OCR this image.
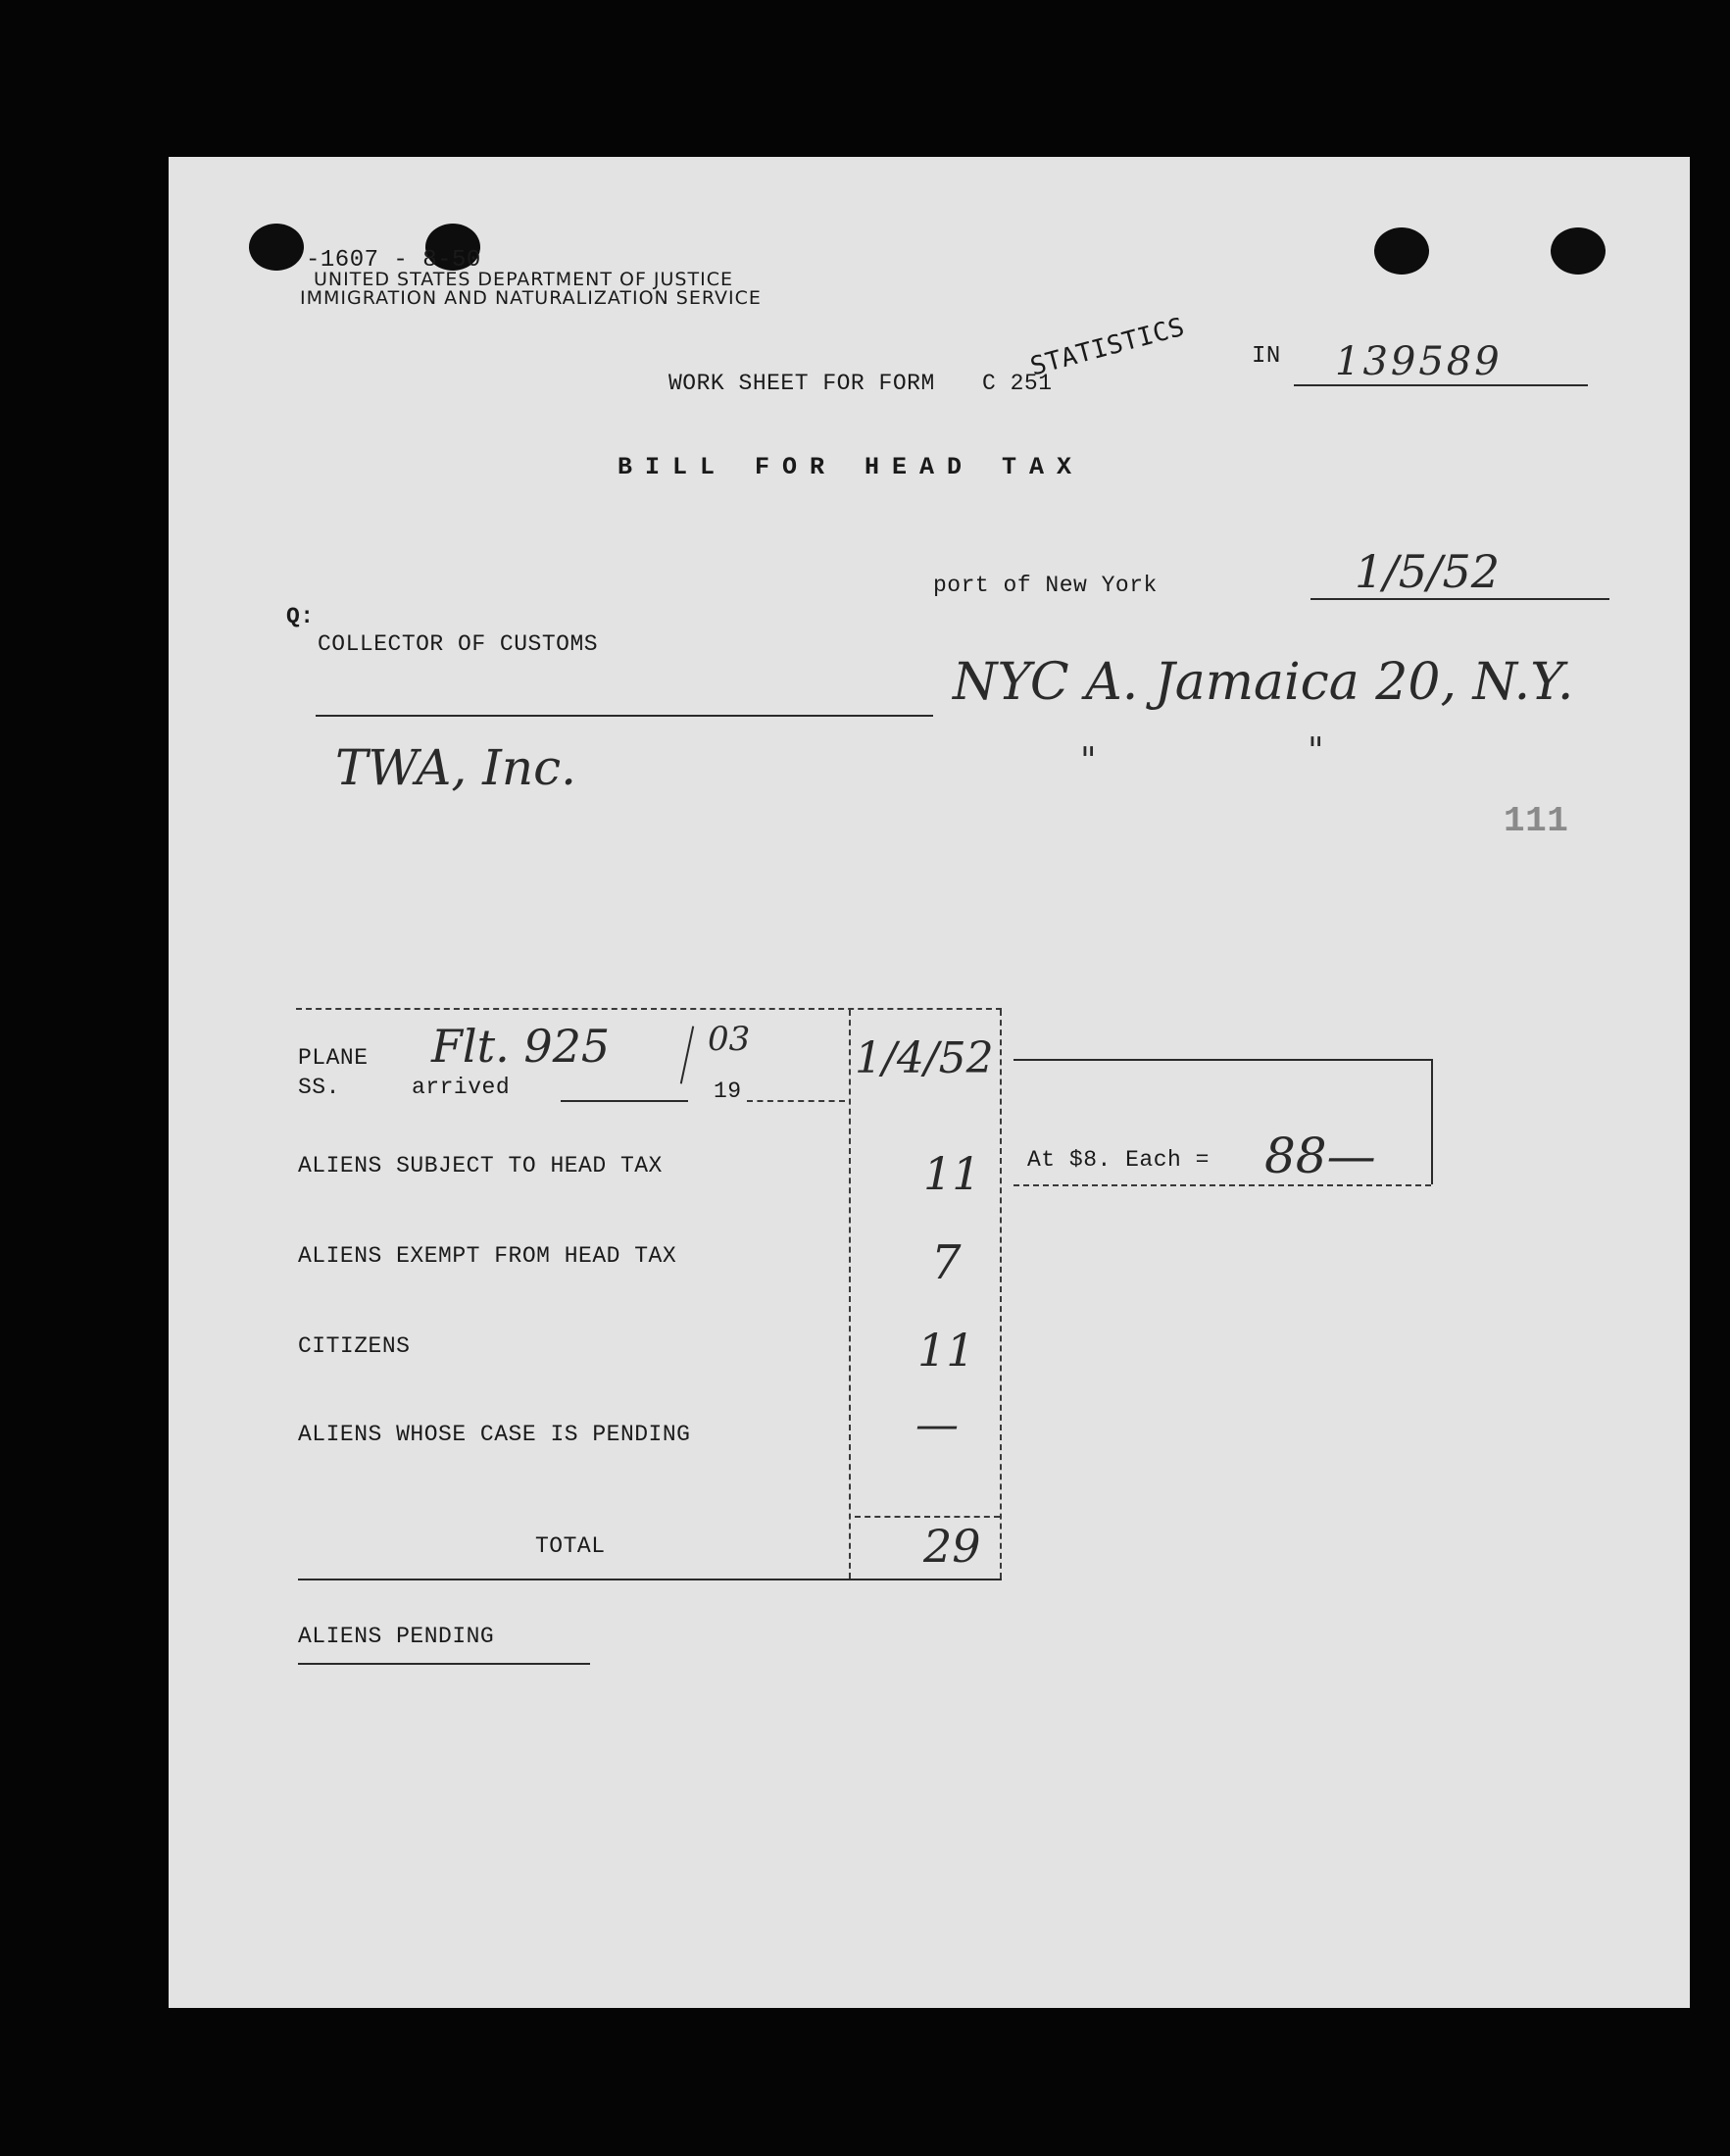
-1607 - 8-50
UNITED STATES DEPARTMENT OF JUSTICE
IMMIGRATION AND NATURALIZATION SERVICE
WORK SHEET FOR FORM C 251
STATISTICS	IN 139589
BILL FOR HEAD TAX
port of New York	1/5/52
Q:
COLLECTOR OF CUSTOMS
NYC A. Jamaica 20, N.Y.
"	"
TWA, Inc.
111
PLANE
SS.	arrived
Flt. 925	03
19
1/4/52
ALIENS SUBJECT TO HEAD TAX	11
ALIENS EXEMPT FROM HEAD TAX	7
CITIZENS	11
ALIENS WHOSE CASE IS PENDING	—
TOTAL	29
At $8. Each = 88—
ALIENS PENDING
